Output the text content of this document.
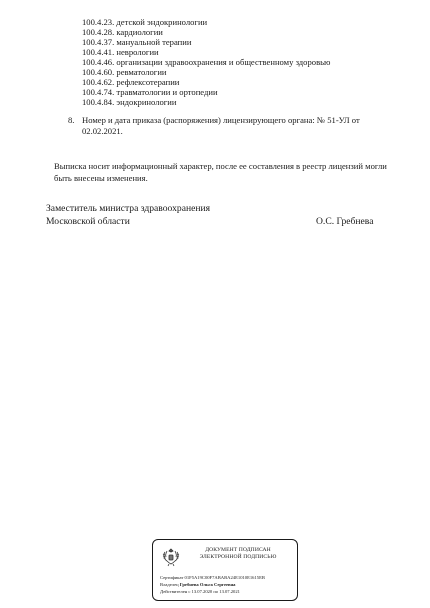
100.4.23. детской эндокринологии
100.4.28. кардиологии
100.4.37. мануальной терапии
100.4.41. неврологии
100.4.46. организации здравоохранения и общественному здоровью
100.4.60. ревматологии
100.4.62. рефлексотерапии
100.4.74. травматологии и ортопедии
100.4.84. эндокринологии
8. Номер и дата приказа (распоряжения) лицензирующего органа: № 51-УЛ от
02.02.2021.
Выписка носит информационный характер, после ее составления в реестр лицензий могли быть внесены изменения.
Заместитель министра здравоохранения
Московской области	О.С. Гребнева
ДОКУМЕНТ ПОДПИСАН
ЭЛЕКТРОННОЙ ПОДПИСЬЮ
Сертификат01F5A19C00F7ABABA24E1010E1615EB
ВладелецГребнева Ольга Сергеевна
Действителенс 13.07.2020 по 13.07.2021
